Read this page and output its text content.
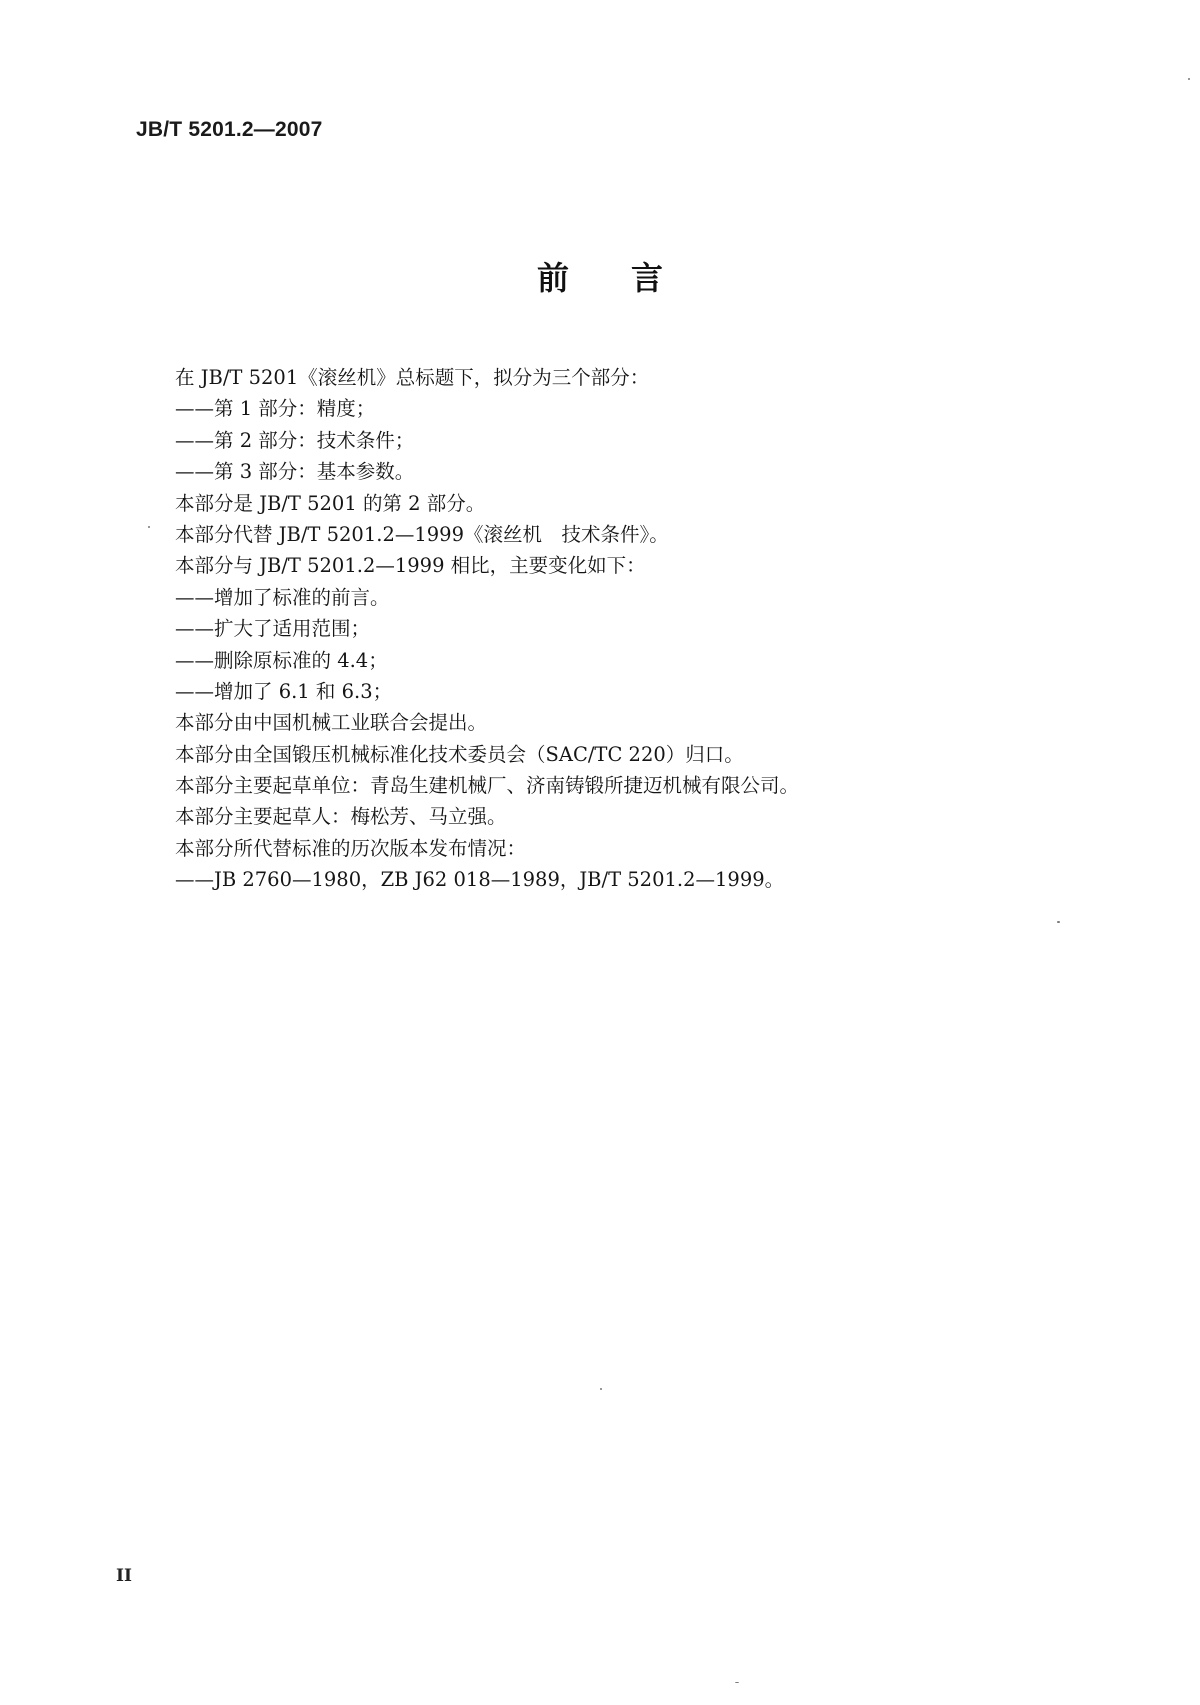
JB/T 5201.2—2007
前 言
在 JB/T 5201《滚丝机》总标题下，拟分为三个部分：
——第 1 部分：精度；
——第 2 部分：技术条件；
——第 3 部分：基本参数。
本部分是 JB/T 5201 的第 2 部分。
本部分代替 JB/T 5201.2—1999《滚丝机　技术条件》。
本部分与 JB/T 5201.2—1999 相比，主要变化如下：
——增加了标准的前言。
——扩大了适用范围；
——删除原标准的 4.4；
——增加了 6.1 和 6.3；
本部分由中国机械工业联合会提出。
本部分由全国锻压机械标准化技术委员会（SAC/TC 220）归口。
本部分主要起草单位：青岛生建机械厂、济南铸锻所捷迈机械有限公司。
本部分主要起草人：梅松芳、马立强。
本部分所代替标准的历次版本发布情况：
——JB 2760—1980，ZB J62 018—1989，JB/T 5201.2—1999。
II
